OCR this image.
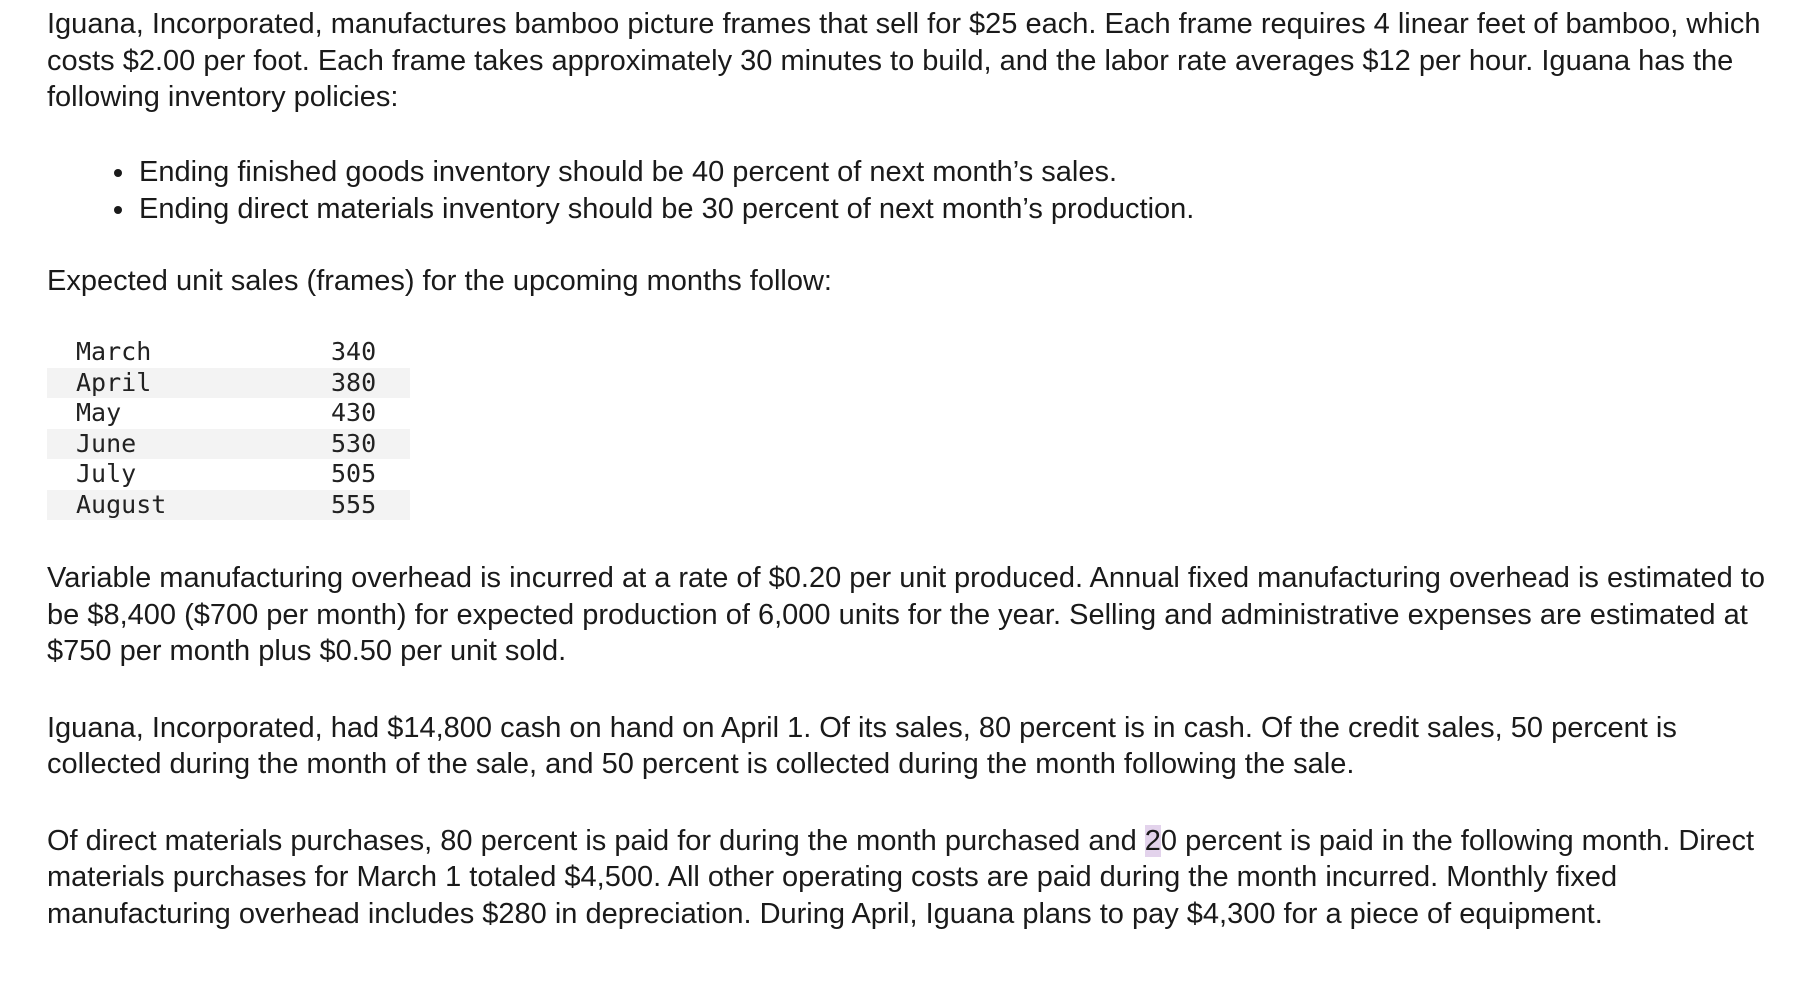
Iguana, Incorporated, manufactures bamboo picture frames that sell for $25 each. Each frame requires 4 linear feet of bamboo, which costs $2.00 per foot. Each frame takes approximately 30 minutes to build, and the labor rate averages $12 per hour. Iguana has the following inventory policies:

• Ending finished goods inventory should be 40 percent of next month’s sales.
• Ending direct materials inventory should be 30 percent of next month’s production.

Expected unit sales (frames) for the upcoming months follow:

March	340
April	380
May	430
June	530
July	505
August	555

Variable manufacturing overhead is incurred at a rate of $0.20 per unit produced. Annual fixed manufacturing overhead is estimated to be $8,400 ($700 per month) for expected production of 6,000 units for the year. Selling and administrative expenses are estimated at $750 per month plus $0.50 per unit sold.

Iguana, Incorporated, had $14,800 cash on hand on April 1. Of its sales, 80 percent is in cash. Of the credit sales, 50 percent is collected during the month of the sale, and 50 percent is collected during the month following the sale.

Of direct materials purchases, 80 percent is paid for during the month purchased and 20 percent is paid in the following month. Direct materials purchases for March 1 totaled $4,500. All other operating costs are paid during the month incurred. Monthly fixed manufacturing overhead includes $280 in depreciation. During April, Iguana plans to pay $4,300 for a piece of equipment.
